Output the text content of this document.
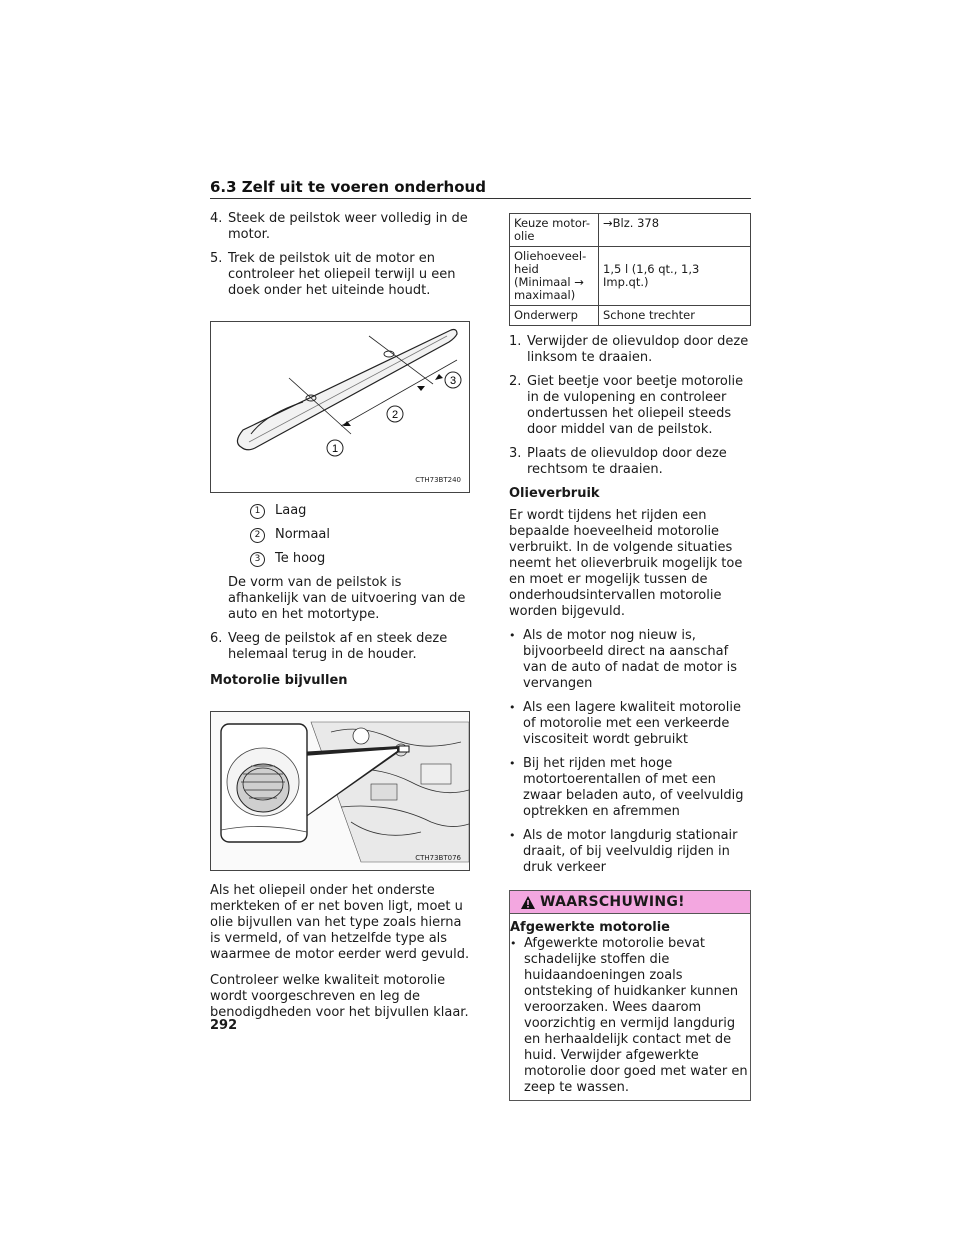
6.3 Zelf uit te voeren onderhoud
4. Steek de peilstok weer volledig in de motor.
5. Trek de peilstok uit de motor en controleer het oliepeil terwijl u een doek onder het uiteinde houdt.
1
2
3
CTH73BT240
1	Laag
2	Normaal
3	Te hoog
De vorm van de peilstok is afhankelijk van de uitvoering van de auto en het motortype.
6. Veeg de peilstok af en steek deze helemaal terug in de houder.
Motorolie bijvullen
CTH73BT076
Als het oliepeil onder het onderste merkteken of er net boven ligt, moet u olie bijvullen van het type zoals hierna is vermeld, of van hetzelfde type als waarmee de motor eerder werd gevuld.
Controleer welke kwaliteit motorolie wordt voorgeschreven en leg de benodigdheden voor het bijvullen klaar.
Keuze motor-olie	→Blz. 378
Oliehoeveel-heid (Minimaal → maximaal)	1,5 l (1,6 qt., 1,3 Imp.qt.)
Onderwerp	Schone trechter
1. Verwijder de olievuldop door deze linksom te draaien.
2. Giet beetje voor beetje motorolie in de vulopening en controleer ondertussen het oliepeil steeds door middel van de peilstok.
3. Plaats de olievuldop door deze rechtsom te draaien.
Olieverbruik
Er wordt tijdens het rijden een bepaalde hoeveelheid motorolie verbruikt. In de volgende situaties neemt het olieverbruik mogelijk toe en moet er mogelijk tussen de onderhoudsintervallen motorolie worden bijgevuld.
• Als de motor nog nieuw is, bijvoorbeeld direct na aanschaf van de auto of nadat de motor is vervangen
• Als een lagere kwaliteit motorolie of motorolie met een verkeerde viscositeit wordt gebruikt
• Bij het rijden met hoge motortoerentallen of met een zwaar beladen auto, of veelvuldig optrekken en afremmen
• Als de motor langdurig stationair draait, of bij veelvuldig rijden in druk verkeer
WAARSCHUWING!
Afgewerkte motorolie
• Afgewerkte motorolie bevat schadelijke stoffen die huidaandoeningen zoals ontsteking of huidkanker kunnen veroorzaken. Wees daarom voorzichtig en vermijd langdurig en herhaaldelijk contact met de huid. Verwijder afgewerkte motorolie door goed met water en zeep te wassen.
292
